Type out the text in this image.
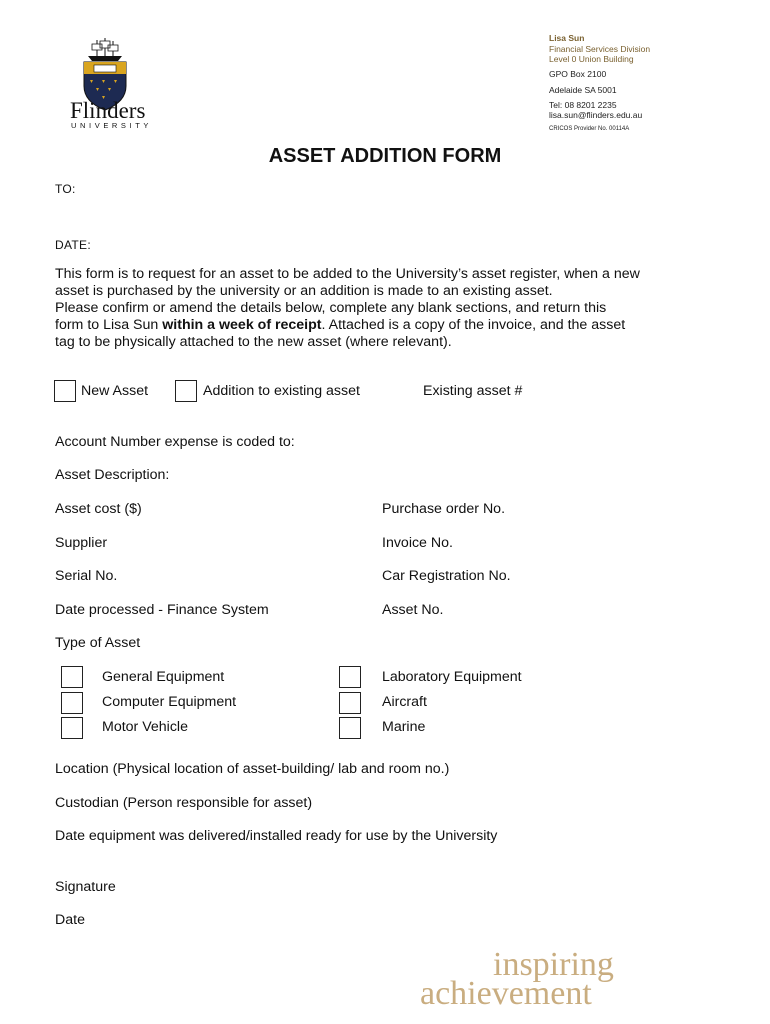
Flinders
UNIVERSITY
Lisa Sun
Financial Services Division
Level 0 Union Building
GPO Box 2100
Adelaide SA 5001
Tel: 08 8201 2235
lisa.sun@flinders.edu.au
CRICOS Provider No. 00114A
ASSET ADDITION FORM
TO:
DATE:

This form is to request for an asset to be added to the University’s asset register, when a new

asset is purchased by the university or an addition is made to an existing asset.

Please confirm or amend the details below, complete any blank sections, and return this

form to Lisa Sun within a week of receipt. Attached is a copy of the invoice, and the asset

tag to be physically attached to the new asset (where relevant).

New Asset	Addition to existing asset	Existing asset #
Account Number expense is coded to:
Asset Description:
Asset cost ($)	Purchase order No.
Supplier	Invoice No.
Serial No.	Car Registration No.
Date processed - Finance System	Asset No.
Type of Asset
General Equipment	Laboratory Equipment
Computer Equipment	Aircraft
Motor Vehicle	Marine
Location (Physical location of asset-building/ lab and room no.)
Custodian (Person responsible for asset)
Date equipment was delivered/installed ready for use by the University
Signature
Date
inspiring
achievement
